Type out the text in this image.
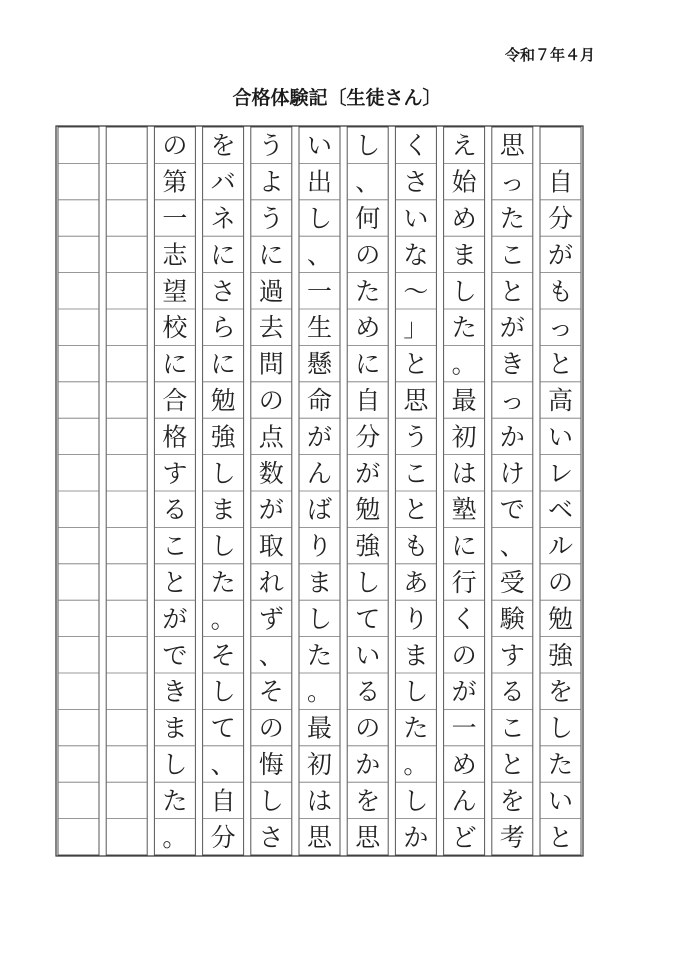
令和７年４月
合格体験記〔生徒さん〕
自
分
が
も
っ
と
高
い
レ
ベ
ル
の
勉
強
を
し
た
い
と
思
っ
た
こ
と
が
き
っ
か
け
で
、
受
験
す
る
こ
と
を
考
え
始
め
ま
し
た
。
最
初
は
塾
に
行
く
の
が
一
め
ん
ど
く
さ
い
な
〜
」
と
思
う
こ
と
も
あ
り
ま
し
た
。
し
か
し
、
何
の
た
め
に
自
分
が
勉
強
し
て
い
る
の
か
を
思
い
出
し
、
一
生
懸
命
が
ん
ば
り
ま
し
た
。
最
初
は
思
う
よ
う
に
過
去
問
の
点
数
が
取
れ
ず
、
そ
の
悔
し
さ
を
バ
ネ
に
さ
ら
に
勉
強
し
ま
し
た
。
そ
し
て
、
自
分
の
第
一
志
望
校
に
合
格
す
る
こ
と
が
で
き
ま
し
た
。
